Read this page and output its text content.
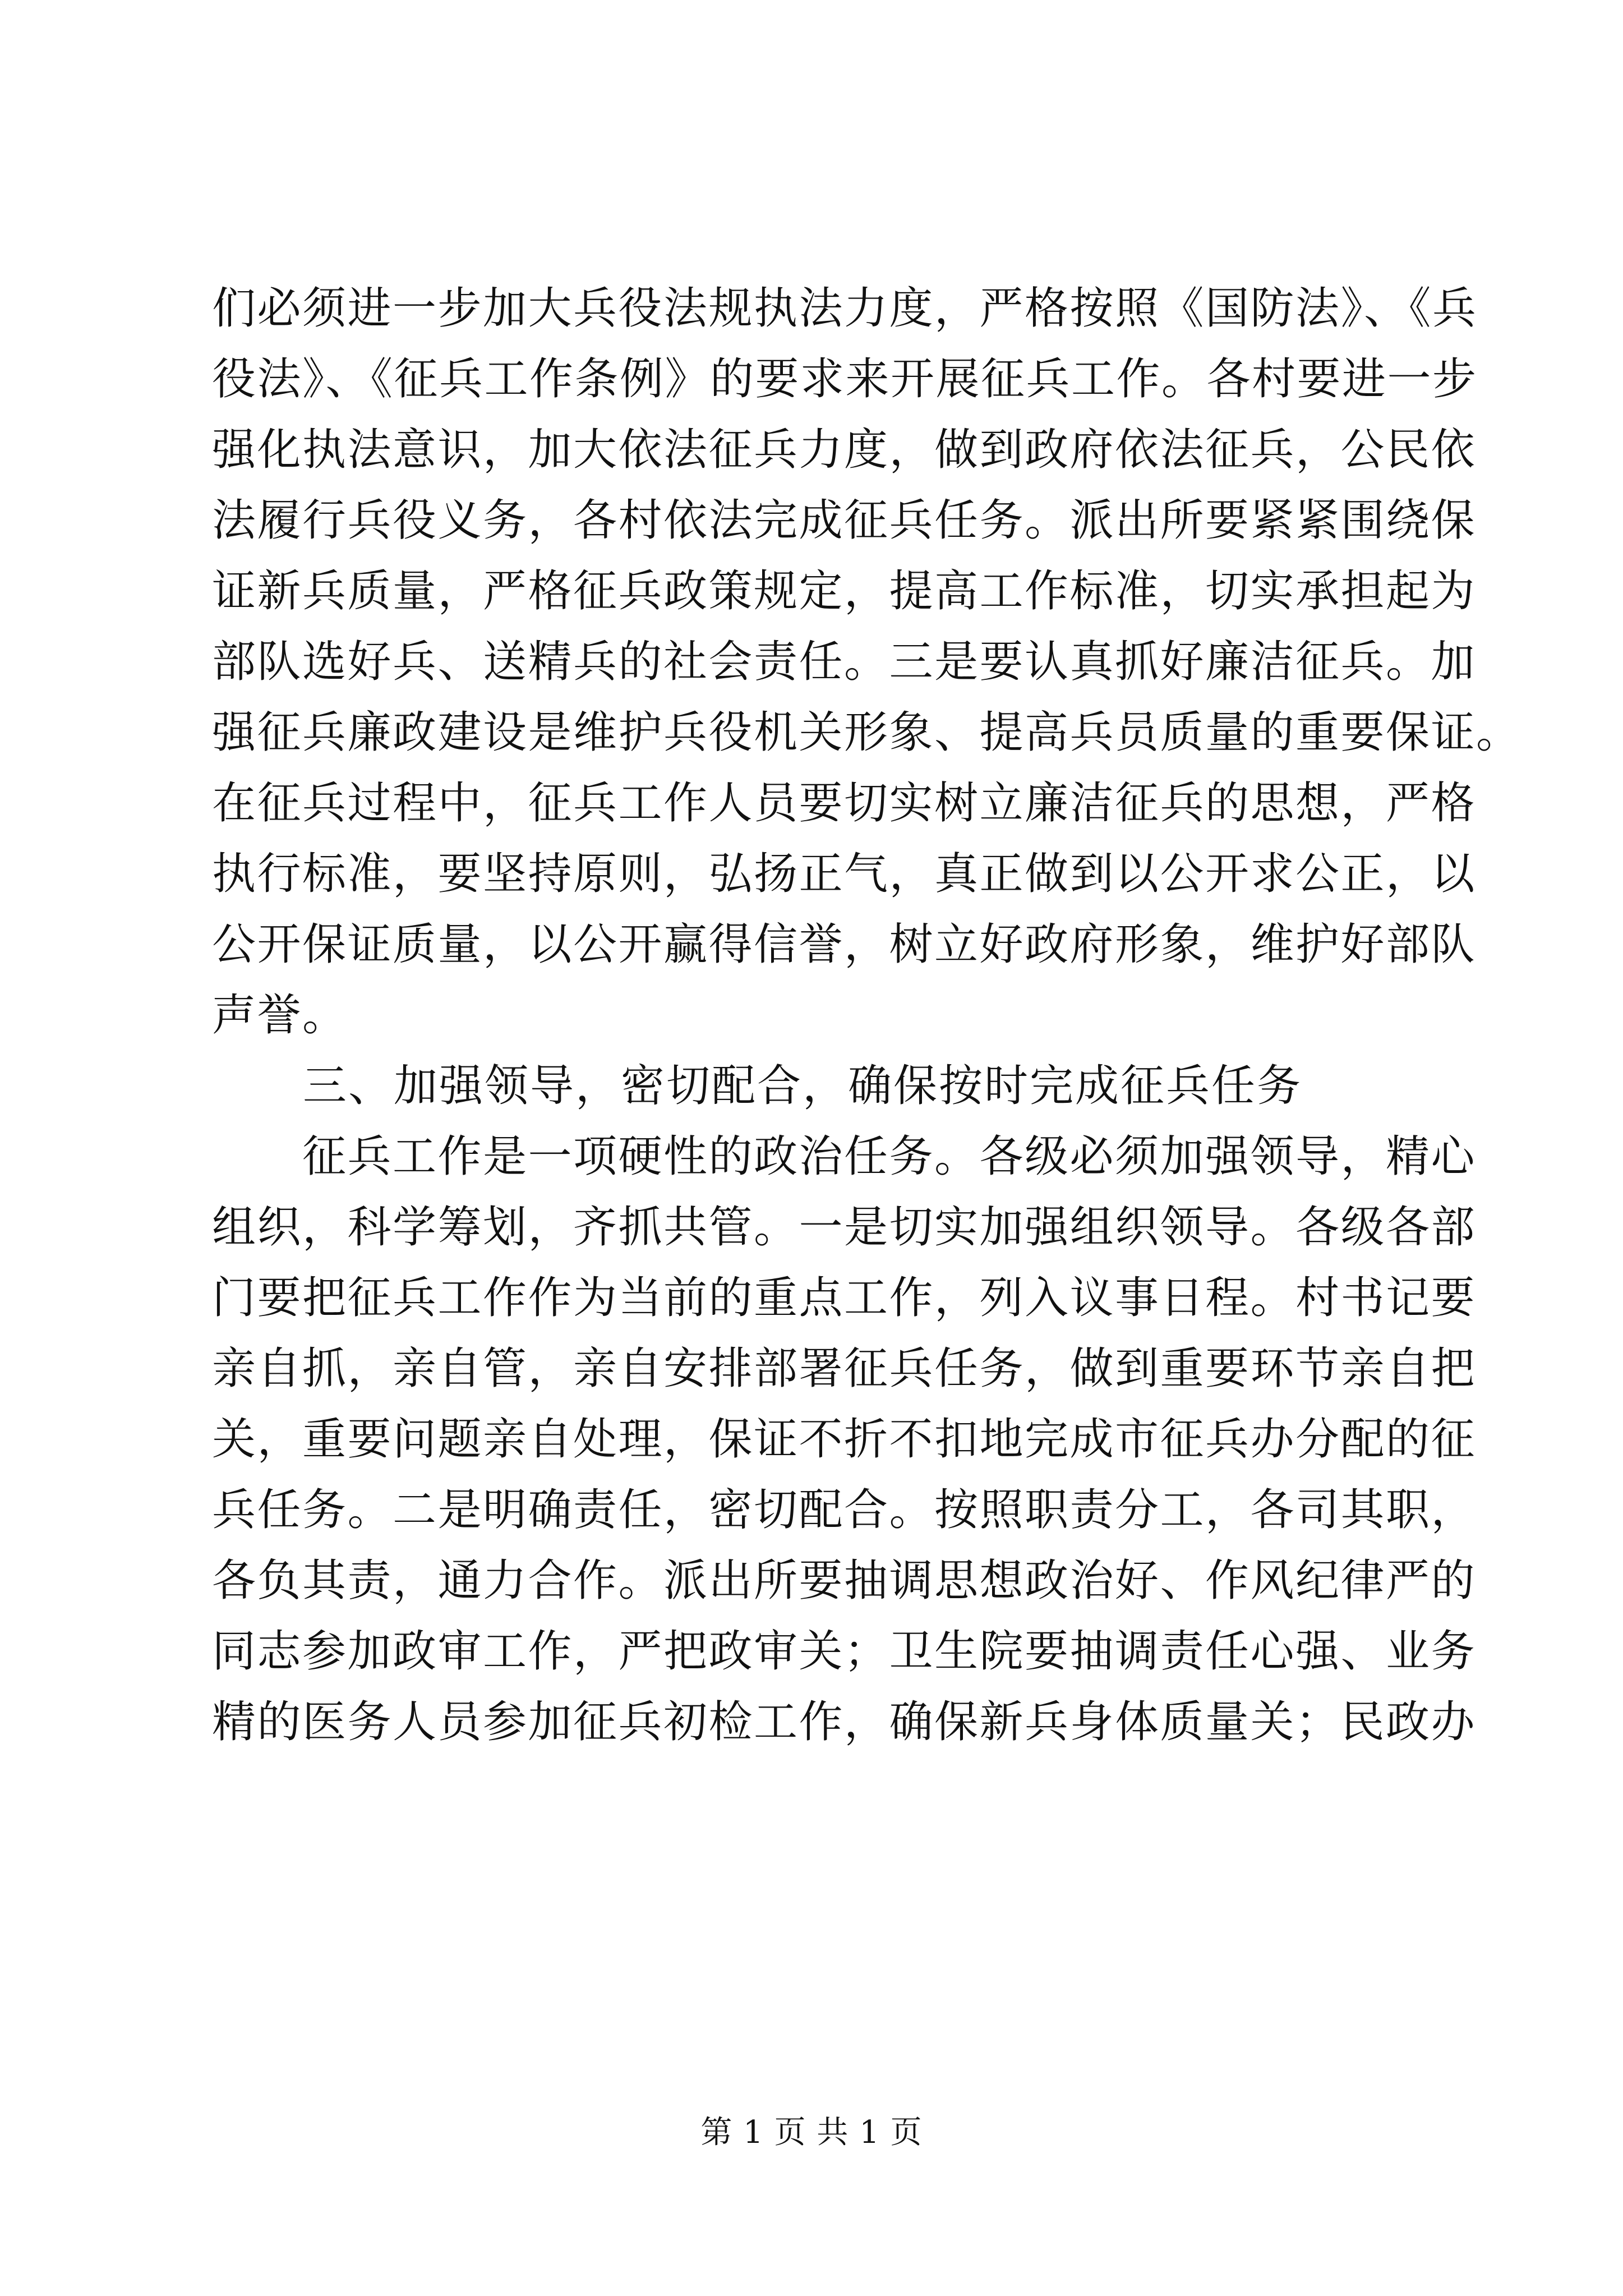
们必须进一步加大兵役法规执法力度，严格按照《国防法》、《兵
役法》、《征兵工作条例》的要求来开展征兵工作。各村要进一步
强化执法意识，加大依法征兵力度，做到政府依法征兵，公民依
法履行兵役义务，各村依法完成征兵任务。派出所要紧紧围绕保
证新兵质量，严格征兵政策规定，提高工作标准，切实承担起为
部队选好兵、送精兵的社会责任。三是要认真抓好廉洁征兵。加
强征兵廉政建设是维护兵役机关形象、提高兵员质量的重要保证。
在征兵过程中，征兵工作人员要切实树立廉洁征兵的思想，严格
执行标准，要坚持原则，弘扬正气，真正做到以公开求公正，以
公开保证质量，以公开赢得信誉，树立好政府形象，维护好部队
声誉。
　　三、加强领导，密切配合，确保按时完成征兵任务
　　征兵工作是一项硬性的政治任务。各级必须加强领导，精心
组织，科学筹划，齐抓共管。一是切实加强组织领导。各级各部
门要把征兵工作作为当前的重点工作，列入议事日程。村书记要
亲自抓，亲自管，亲自安排部署征兵任务，做到重要环节亲自把
关，重要问题亲自处理，保证不折不扣地完成市征兵办分配的征
兵任务。二是明确责任，密切配合。按照职责分工，各司其职，
各负其责，通力合作。派出所要抽调思想政治好、作风纪律严的
同志参加政审工作，严把政审关；卫生院要抽调责任心强、业务
精的医务人员参加征兵初检工作，确保新兵身体质量关；民政办
第 1 页 共 1 页
